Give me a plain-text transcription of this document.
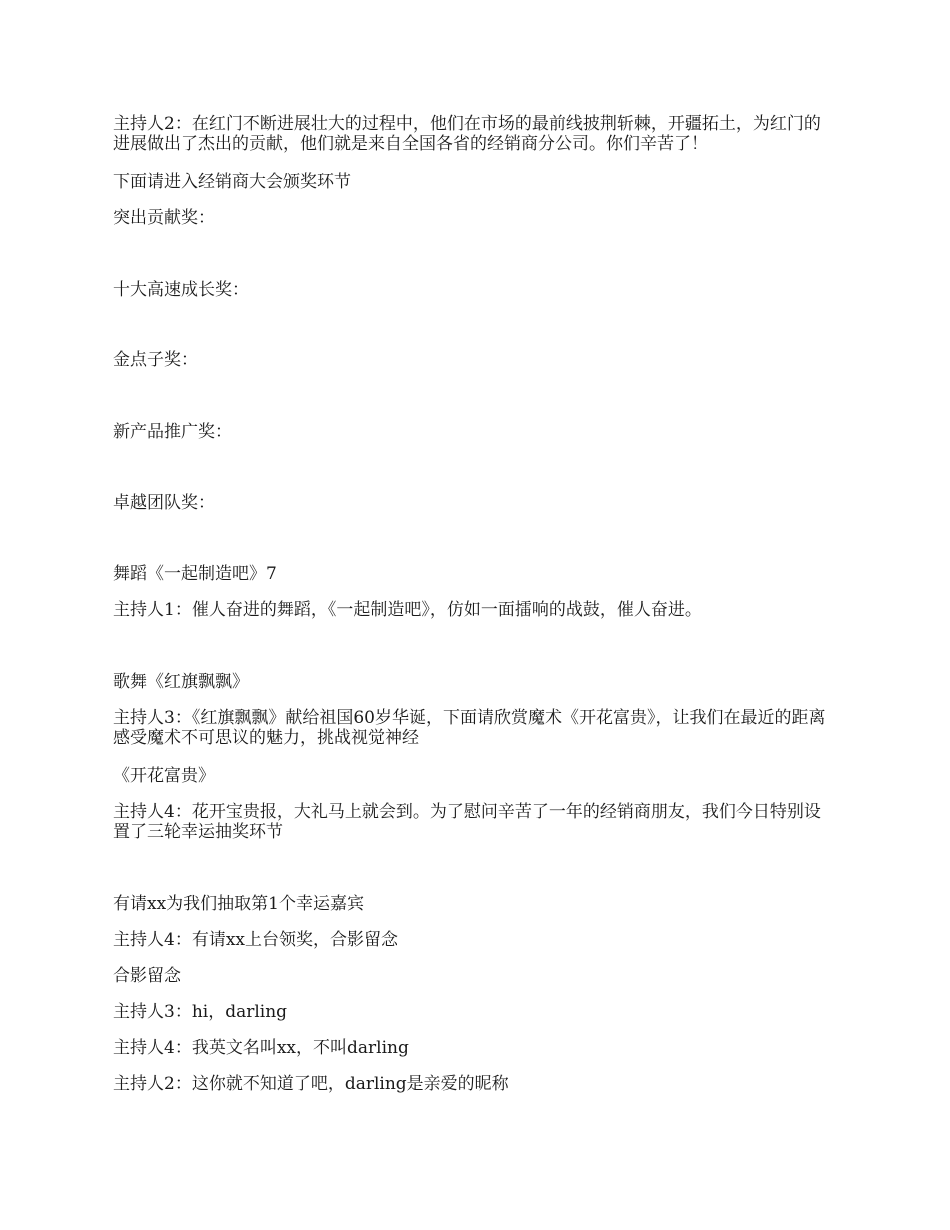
主持人2：在红门不断进展壮大的过程中，他们在市场的最前线披荆斩棘，开疆拓土，为红门的进展做出了杰出的贡献，他们就是来自全国各省的经销商分公司。你们辛苦了！

下面请进入经销商大会颁奖环节

突出贡献奖：

十大高速成长奖：

金点子奖：

新产品推广奖：

卓越团队奖：

舞蹈《一起制造吧》7

主持人1：催人奋进的舞蹈，《一起制造吧》，仿如一面擂响的战鼓，催人奋进。

歌舞《红旗飘飘》

主持人3：《红旗飘飘》献给祖国60岁华诞，下面请欣赏魔术《开花富贵》，让我们在最近的距离感受魔术不可思议的魅力，挑战视觉神经

《开花富贵》

主持人4：花开宝贵报，大礼马上就会到。为了慰问辛苦了一年的经销商朋友，我们今日特别设置了三轮幸运抽奖环节

有请xx为我们抽取第1个幸运嘉宾

主持人4：有请xx上台领奖，合影留念

合影留念

主持人3：hi，darling

主持人4：我英文名叫xx，不叫darling

主持人2：这你就不知道了吧，darling是亲爱的昵称
